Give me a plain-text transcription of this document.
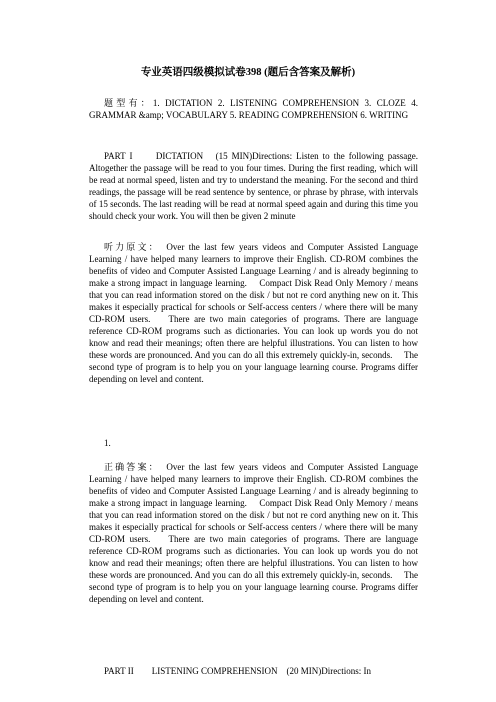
专业英语四级模拟试卷398 (题后含答案及解析)
题型有：1. DICTATION 2. LISTENING COMPREHENSION 3. CLOZE 4. GRAMMAR &amp; VOCABULARY 5. READING COMPREHENSION 6. WRITING
PART I　　DICTATION　(15 MIN)Directions: Listen to the following passage. Altogether the passage will be read to you four times. During the first reading, which will be read at normal speed, listen and try to understand the meaning. For the second and third readings, the passage will be read sentence by sentence, or phrase by phrase, with intervals of 15 seconds. The last reading will be read at normal speed again and during this time you should check your work. You will then be given 2 minute
听力原文：　Over the last few years videos and Computer Assisted Language Learning / have helped many learners to improve their English. CD-ROM combines the benefits of video and Computer Assisted Language Learning / and is already beginning to make a strong impact in language learning.　 Compact Disk Read Only Memory / means that you can read information stored on the disk / but not re cord anything new on it. This makes it especially practical for schools or Self-access centers / where there will be many CD-ROM users.　 There are two main categories of programs. There are language reference CD-ROM programs such as dictionaries. You can look up words you do not know and read their meanings; often there are helpful illustrations. You can listen to how these words are pronounced. And you can do all this extremely quickly-in, seconds.　 The second type of program is to help you on your language learning course. Programs differ depending on level and content.
1.
正确答案：　Over the last few years videos and Computer Assisted Language Learning / have helped many learners to improve their English. CD-ROM combines the benefits of video and Computer Assisted Language Learning / and is already beginning to make a strong impact in language learning.　 Compact Disk Read Only Memory / means that you can read information stored on the disk / but not re cord anything new on it. This makes it especially practical for schools or Self-access centers / where there will be many CD-ROM users.　 There are two main categories of programs. There are language reference CD-ROM programs such as dictionaries. You can look up words you do not know and read their meanings; often there are helpful illustrations. You can listen to how these words are pronounced. And you can do all this extremely quickly-in, seconds.　 The second type of program is to help you on your language learning course. Programs differ depending on level and content.
PART II　　LISTENING COMPREHENSION　(20 MIN)Directions: In
